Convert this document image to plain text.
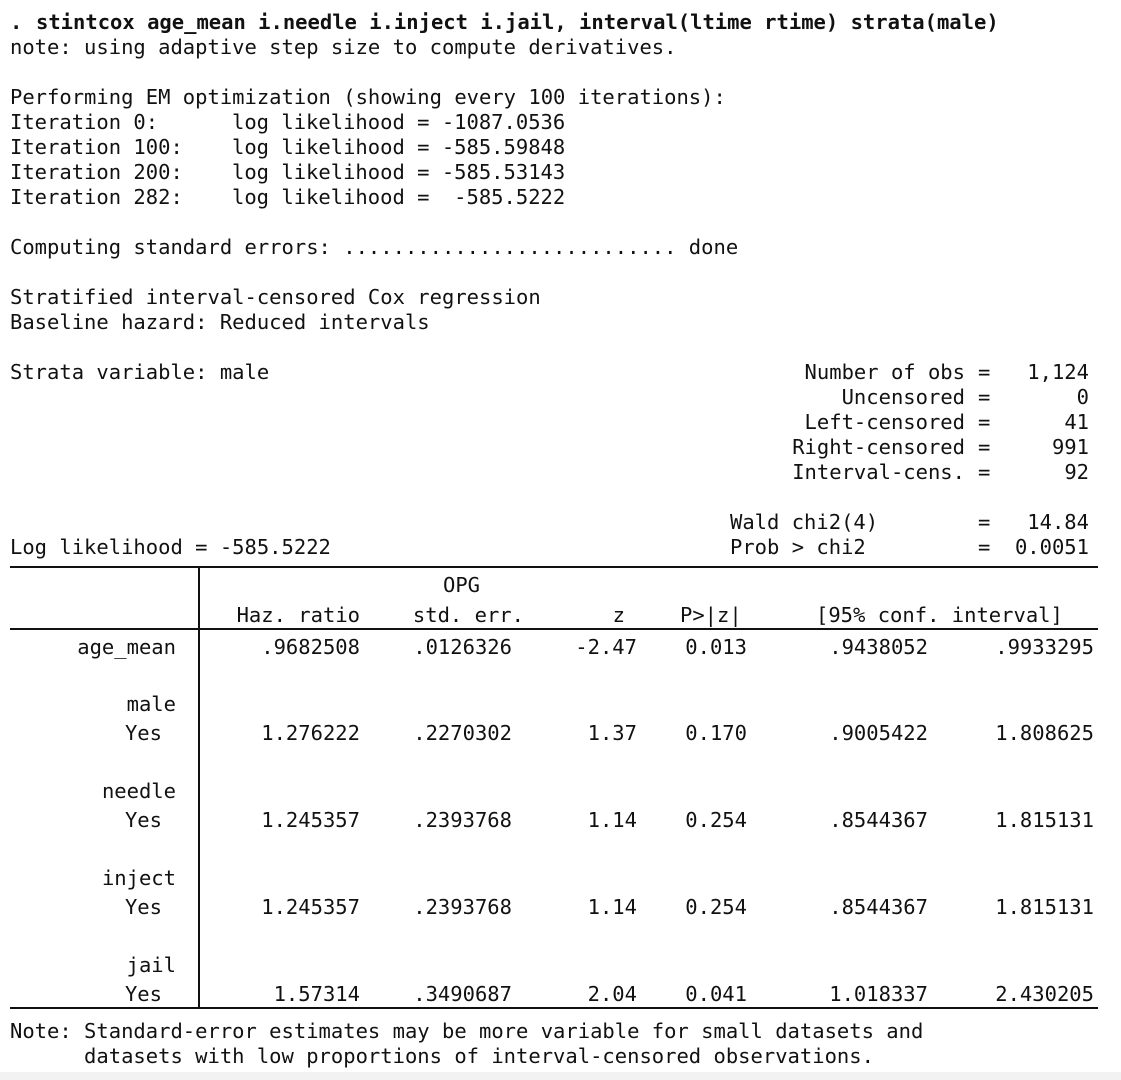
. stintcox age_mean i.needle i.inject i.jail, interval(ltime rtime) strata(male)
note: using adaptive step size to compute derivatives.
Performing EM optimization (showing every 100 iterations):
Iteration 0:	log likelihood = -1087.0536
Iteration 100: log likelihood = -585.59848
Iteration 200: log likelihood = -585.53143
Iteration 282: log likelihood =  -585.5222
Computing standard errors: ........................... done
Stratified interval-censored Cox regression
Baseline hazard: Reduced intervals
Strata variable: male	Number of obs =	1,124
Uncensored =	0
Left-censored =	41
Right-censored =	991
Interval-cens. =	92
Wald chi2(4)	=	14.84
Log likelihood = -585.5222	Prob > chi2	=	0.0051
OPG
Haz. ratio	std. err.	z	P>|z|	[95% conf. interval]
age_mean	.9682508	.0126326	-2.47	0.013	.9438052	.9933295
male
Yes	1.276222	.2270302	1.37	0.170	.9005422	1.808625
needle
Yes	1.245357	.2393768	1.14	0.254	.8544367	1.815131
inject
Yes	1.245357	.2393768	1.14	0.254	.8544367	1.815131
jail
Yes	1.57314	.3490687	2.04	0.041	1.018337	2.430205
Note: Standard-error estimates may be more variable for small datasets and
datasets with low proportions of interval-censored observations.
